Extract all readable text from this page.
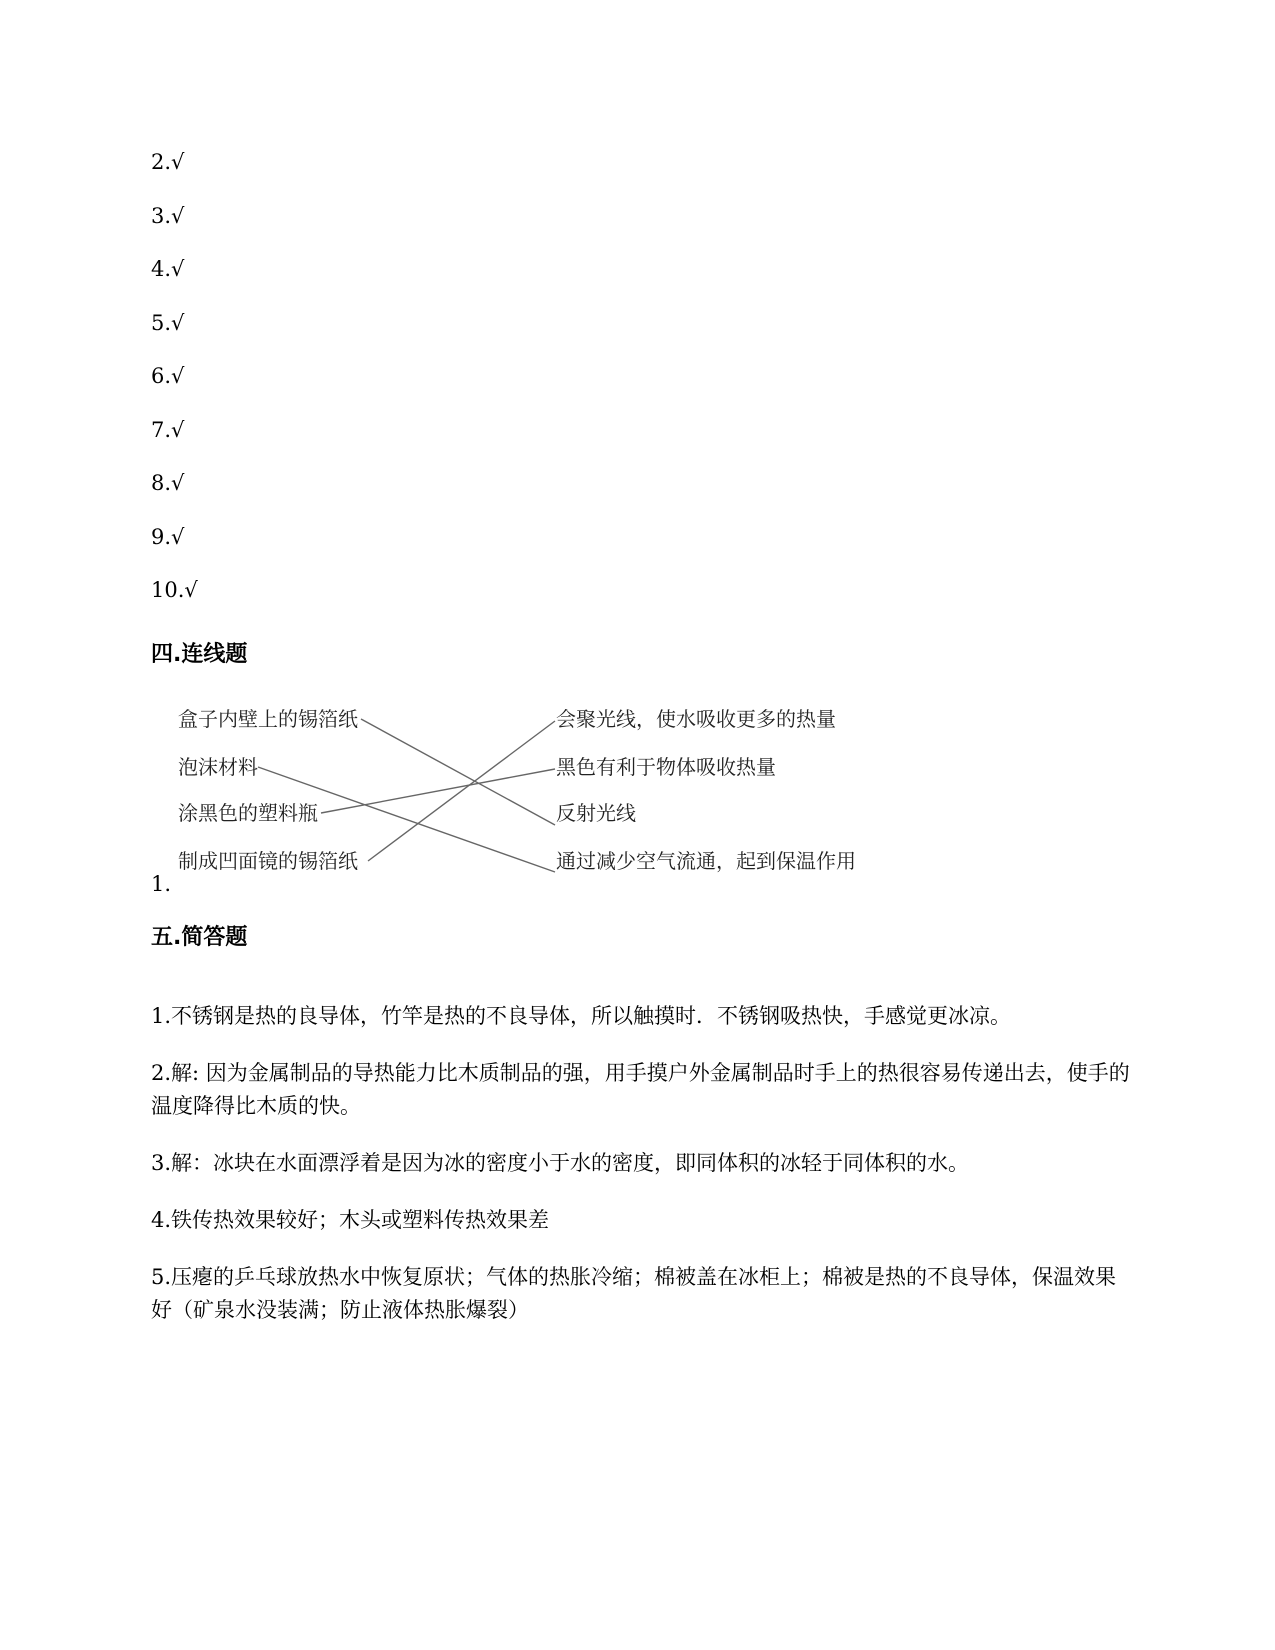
2.√
3.√
4.√
5.√
6.√
7.√
8.√
9.√
10.√
四.连线题
盒子内壁上的锡箔纸
泡沫材料
涂黑色的塑料瓶
制成凹面镜的锡箔纸
会聚光线，使水吸收更多的热量
黑色有利于物体吸收热量
反射光线
通过减少空气流通，起到保温作用
1.
五.简答题

1.不锈钢是热的良导体，竹竿是热的不良导体，所以触摸时．不锈钢吸热快，手感觉更冰凉。

2.解: 因为金属制品的导热能力比木质制品的强，用手摸户外金属制品时手上的热很容易传递出去，使手的温度降得比木质的快。

3.解：冰块在水面漂浮着是因为冰的密度小于水的密度，即同体积的冰轻于同体积的水。

4.铁传热效果较好；木头或塑料传热效果差

5.压瘪的乒乓球放热水中恢复原状；气体的热胀冷缩；棉被盖在冰柜上；棉被是热的不良导体，保温效果好（矿泉水没装满；防止液体热胀爆裂）
